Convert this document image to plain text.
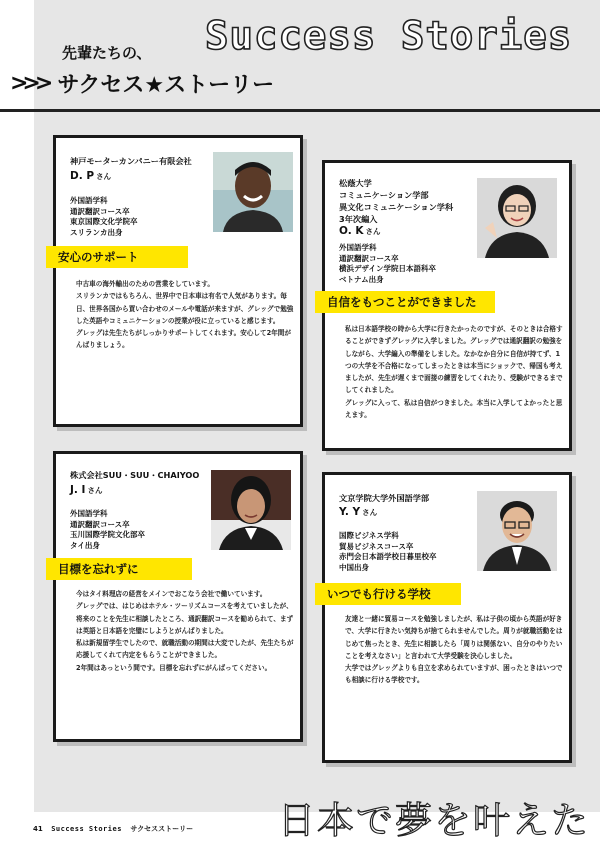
Success Stories
先輩たちの、
>>> サクセス★ストーリー
神戸モーターカンパニー有限会社
D. P さん
外国語学科
通訳翻訳コース卒
東京国際文化学院卒
スリランカ出身
安心のサポート

中古車の海外輸出のための営業をしています。

スリランカではもちろん、世界中で日本車は有名で人気があります。毎日、世界各国から買い合わせのメールや電話が来ますが、グレッグで勉強した英語やコミュニケーションの授業が役に立っていると感じます。

グレッグは先生たちがしっかりサポートしてくれます。安心して2年間がんばりましょう。

松蔭大学
コミュニケーション学部
異文化コミュニケーション学科
3年次編入
O. K さん
外国語学科
通訳翻訳コース卒
横浜デザイン学院日本語科卒
ベトナム出身
自信をもつことができました

私は日本語学校の時から大学に行きたかったのですが、そのときは合格することができずグレッグに入学しました。グレッグでは通訳翻訳の勉強をしながら、大学編入の準備をしました。なかなか自分に自信が持てず、1つの大学を不合格になってしまったときは本当にショックで、帰国も考えましたが、先生が遅くまで面接の練習をしてくれたり、受験ができるまでしてくれました。

グレッグに入って、私は自信がつきました。本当に入学してよかったと思えます。

株式会社SUU・SUU・CHAIYOO
J. I さん
外国語学科
通訳翻訳コース卒
玉川国際学院文化部卒
タイ出身
目標を忘れずに

今はタイ料理店の経営をメインでおこなう会社で働いています。

グレッグでは、はじめはホテル・ツーリズムコースを考えていましたが、将来のことを先生に相談したところ、通訳翻訳コースを勧められて、まずは英語と日本語を完璧にしようとがんばりました。

私は新規留学生でしたので、就職活動の期間は大変でしたが、先生たちが応援してくれて内定をもらうことができました。

2年間はあっという間です。目標を忘れずにがんばってください。

文京学院大学外国語学部
Y. Y さん
国際ビジネス学科
貿易ビジネスコース卒
赤門会日本語学校日暮里校卒
中国出身
いつでも行ける学校

友達と一緒に貿易コースを勉強しましたが、私は子供の頃から英語が好きで、大学に行きたい気持ちが捨てられませんでした。周りが就職活動をはじめて焦ったとき、先生に相談したら「周りは関係ない、自分のやりたいことを考えなさい」と言われて大学受験を決心しました。

大学ではグレッグよりも自立を求められていますが、困ったときはいつでも相談に行ける学校です。

日本で夢を叶えた
41 Success Stories サクセスストーリー
